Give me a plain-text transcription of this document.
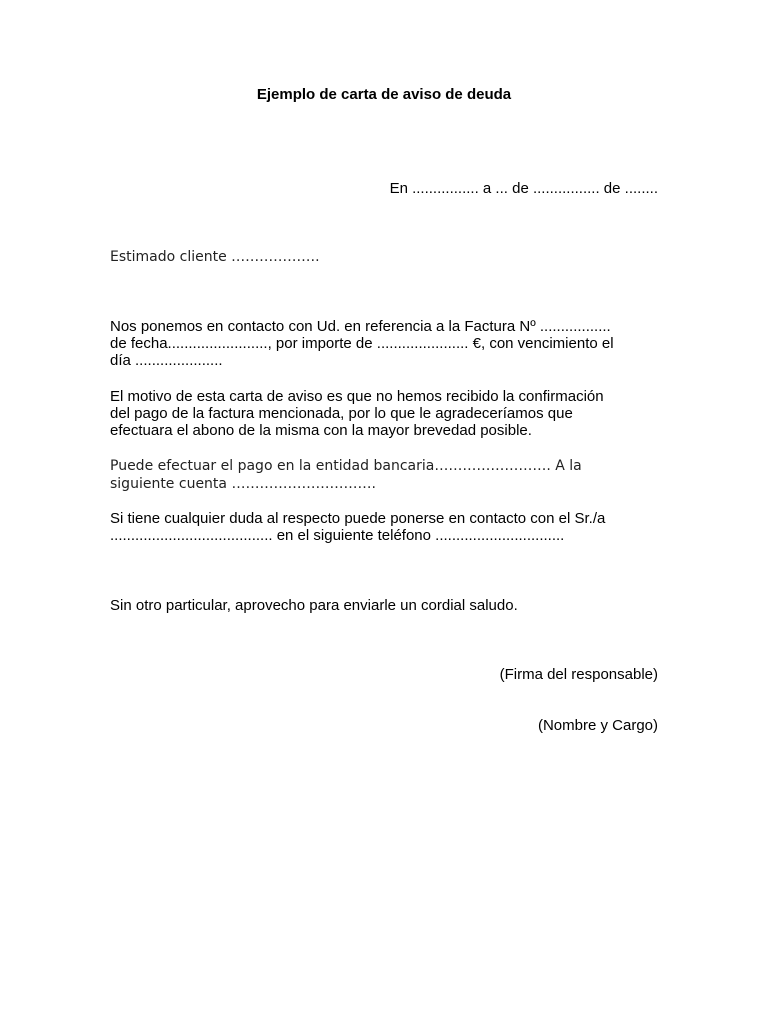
Ejemplo de carta de aviso de deuda
En ................ a ... de ................ de ........
Estimado cliente ……………….
Nos ponemos en contacto con Ud. en referencia a la Factura Nº .................
de fecha........................, por importe de ...................... €, con vencimiento el
día .....................
El motivo de esta carta de aviso es que no hemos recibido la confirmación
del pago de la factura mencionada, por lo que le agradeceríamos que
efectuara el abono de la misma con la mayor brevedad posible.
Puede efectuar el pago en la entidad bancaria……………………. A la
siguiente cuenta ………………………….
Si tiene cualquier duda al respecto puede ponerse en contacto con el Sr./a
....................................... en el siguiente teléfono ...............................
Sin otro particular, aprovecho para enviarle un cordial saludo.
(Firma del responsable)
(Nombre y Cargo)
